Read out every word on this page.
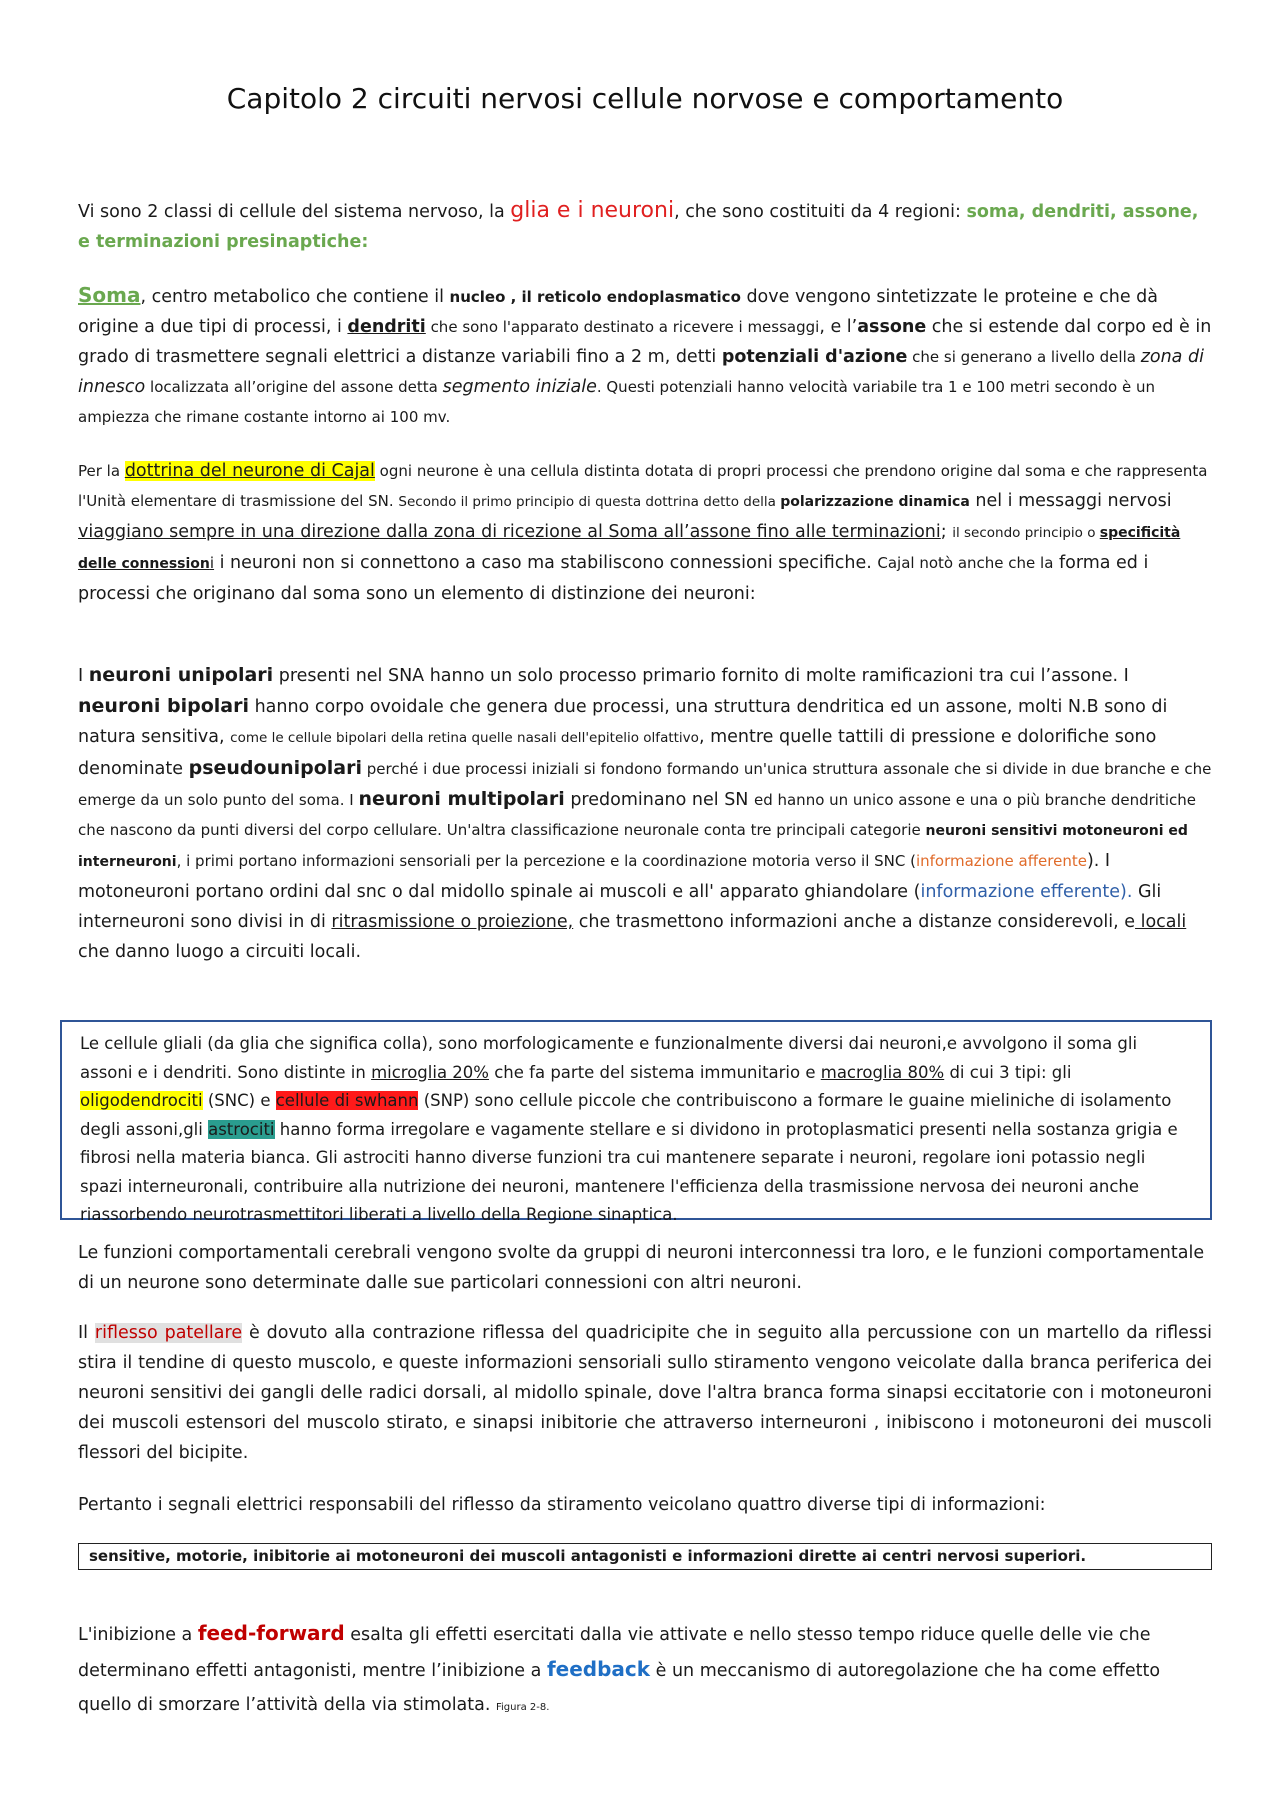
Capitolo 2 circuiti nervosi cellule norvose e comportamento
Vi sono 2 classi di cellule del sistema nervoso, la glia e i neuroni, che sono costituiti da 4 regioni: soma, dendriti, assone, e terminazioni presinaptiche:
Soma, centro metabolico che contiene il nucleo , il reticolo endoplasmatico dove vengono sintetizzate le proteine e che dà origine a due tipi di processi, i dendriti che sono l'apparato destinato a ricevere i messaggi, e l’assone che si estende dal corpo ed è in grado di trasmettere segnali elettrici a distanze variabili fino a 2 m, detti potenziali d'azione che si generano a livello della zona di innesco localizzata all’origine del assone detta segmento iniziale. Questi potenziali hanno velocità variabile tra 1 e 100 metri secondo è un ampiezza che rimane costante intorno ai 100 mv.
Per la dottrina del neurone di Cajal ogni neurone è una cellula distinta dotata di propri processi che prendono origine dal soma e che rappresenta l'Unità elementare di trasmissione del SN. Secondo il primo principio di questa dottrina detto della polarizzazione dinamica nel i messaggi nervosi viaggiano sempre in una direzione dalla zona di ricezione al Soma all’assone fino alle terminazioni; il secondo principio o specificità delle connessioni i neuroni non si connettono a caso ma stabiliscono connessioni specifiche. Cajal notò anche che la forma ed i processi che originano dal soma sono un elemento di distinzione dei neuroni:
I neuroni unipolari presenti nel SNA hanno un solo processo primario fornito di molte ramificazioni tra cui l’assone. I neuroni bipolari hanno corpo ovoidale che genera due processi, una struttura dendritica ed un assone, molti N.B sono di natura sensitiva, come le cellule bipolari della retina quelle nasali dell'epitelio olfattivo, mentre quelle tattili di pressione e dolorifiche sono denominate pseudounipolari perché i due processi iniziali si fondono formando un'unica struttura assonale che si divide in due branche e che emerge da un solo punto del soma. I neuroni multipolari predominano nel SN ed hanno un unico assone e una o più branche dendritiche che nascono da punti diversi del corpo cellulare. Un'altra classificazione neuronale conta tre principali categorie neuroni sensitivi motoneuroni ed interneuroni, i primi portano informazioni sensoriali per la percezione e la coordinazione motoria verso il SNC (informazione afferente). I motoneuroni portano ordini dal snc o dal midollo spinale ai muscoli e all' apparato ghiandolare (informazione efferente). Gli interneuroni sono divisi in di ritrasmissione o proiezione, che trasmettono informazioni anche a distanze considerevoli, e locali che danno luogo a circuiti locali.
Le cellule gliali (da glia che significa colla), sono morfologicamente e funzionalmente diversi dai neuroni,e avvolgono il soma gli assoni e i dendriti. Sono distinte in microglia 20% che fa parte del sistema immunitario e macroglia 80% di cui 3 tipi: gli oligodendrociti (SNC) e cellule di swhann (SNP) sono cellule piccole che contribuiscono a formare le guaine mieliniche di isolamento degli assoni,gli astrociti hanno forma irregolare e vagamente stellare e si dividono in protoplasmatici presenti nella sostanza grigia e fibrosi nella materia bianca. Gli astrociti hanno diverse funzioni tra cui mantenere separate i neuroni, regolare ioni potassio negli spazi interneuronali, contribuire alla nutrizione dei neuroni, mantenere l'efficienza della trasmissione nervosa dei neuroni anche riassorbendo neurotrasmettitori liberati a livello della Regione sinaptica.
Le funzioni comportamentali cerebrali vengono svolte da gruppi di neuroni interconnessi tra loro, e le funzioni comportamentale di un neurone sono determinate dalle sue particolari connessioni con altri neuroni.
Il riflesso patellare è dovuto alla contrazione riflessa del quadricipite che in seguito alla percussione con un martello da riflessi stira il tendine di questo muscolo, e queste informazioni sensoriali sullo stiramento vengono veicolate dalla branca periferica dei neuroni sensitivi dei gangli delle radici dorsali, al midollo spinale, dove l'altra branca forma sinapsi eccitatorie con i motoneuroni dei muscoli estensori del muscolo stirato, e sinapsi inibitorie che attraverso interneuroni , inibiscono i motoneuroni dei muscoli flessori del bicipite.
Pertanto i segnali elettrici responsabili del riflesso da stiramento veicolano quattro diverse tipi di informazioni:
sensitive, motorie, inibitorie ai motoneuroni dei muscoli antagonisti e informazioni dirette ai centri nervosi superiori.
L'inibizione a feed-forward esalta gli effetti esercitati dalla vie attivate e nello stesso tempo riduce quelle delle vie che determinano effetti antagonisti, mentre l’inibizione a feedback è un meccanismo di autoregolazione che ha come effetto quello di smorzare l’attività della via stimolata. Figura 2-8.
